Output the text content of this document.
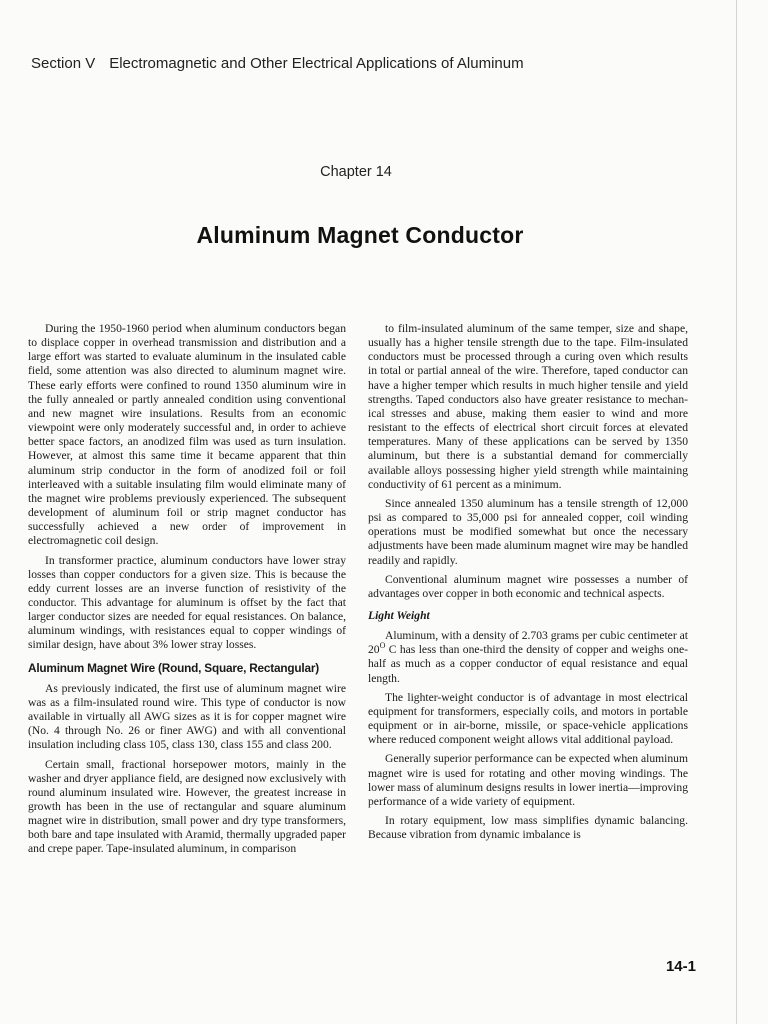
Section V Electromagnetic and Other Electrical Applications of Aluminum
Chapter 14
Aluminum Magnet Conductor

During the 1950-1960 period when aluminum conductors began to displace copper in overhead transmission and distribution and a large effort was started to evaluate aluminum in the insulated cable field, some attention was also directed to aluminum magnet wire. These early efforts were confined to round 1350 aluminum wire in the fully annealed or partly annealed condition using conventional and new magnet wire insulations. Results from an economic viewpoint were only moderately successful and, in order to achieve better space factors, an anodized film was used as turn insulation. However, at almost this same time it became apparent that thin aluminum strip conductor in the form of anodized foil or foil interleaved with a suitable insulating film would eliminate many of the magnet wire problems previously experienced. The subsequent development of aluminum foil or strip magnet conductor has successfully achieved a new order of improvement in electromagnetic coil design.

In transformer practice, aluminum conductors have lower stray losses than copper conductors for a given size. This is because the eddy current losses are an inverse function of resistivity of the conductor. This advantage for aluminum is offset by the fact that larger conductor sizes are needed for equal resistances. On balance, aluminum windings, with resistances equal to copper windings of similar design, have about 3% lower stray losses.

Aluminum Magnet Wire (Round, Square, Rectangular)

As previously indicated, the first use of aluminum magnet wire was as a film-insulated round wire. This type of conductor is now available in virtually all AWG sizes as it is for copper magnet wire (No. 4 through No. 26 or finer AWG) and with all conventional insulation including class 105, class 130, class 155 and class 200.

Certain small, fractional horsepower motors, mainly in the washer and dryer appliance field, are designed now exclusively with round aluminum insulated wire. However, the greatest increase in growth has been in the use of rectangular and square aluminum magnet wire in distribution, small power and dry type transformers, both bare and tape insulated with Aramid, thermally upgraded paper and crepe paper. Tape-insulated aluminum, in comparison

to film-insulated aluminum of the same temper, size and shape, usually has a higher tensile strength due to the tape. Film-insulated conductors must be processed through a curing oven which results in total or partial anneal of the wire. Therefore, taped conductor can have a higher temper which results in much higher tensile and yield strengths. Taped conductors also have greater resistance to mechanical stresses and abuse, making them easier to wind and more resistant to the effects of electrical short circuit forces at elevated temperatures. Many of these applications can be served by 1350 aluminum, but there is a substantial demand for commercially available alloys possessing higher yield strength while maintaining conductivity of 61 percent as a minimum.

Since annealed 1350 aluminum has a tensile strength of 12,000 psi as compared to 35,000 psi for annealed copper, coil winding operations must be modified somewhat but once the necessary adjustments have been made aluminum magnet wire may be handled readily and rapidly.

Conventional aluminum magnet wire possesses a number of advantages over copper in both economic and technical aspects.

Light Weight

Aluminum, with a density of 2.703 grams per cubic centimeter at $20^O$ C has less than one-third the density of copper and weighs one-half as much as a copper conductor of equal resistance and equal length.

The lighter-weight conductor is of advantage in most electrical equipment for transformers, especially coils, and motors in portable equipment or in air-borne, missile, or space-vehicle applications where reduced component weight allows vital additional payload.

Generally superior performance can be expected when aluminum magnet wire is used for rotating and other moving windings. The lower mass of aluminum designs results in lower inertia—improving performance of a wide variety of equipment.

In rotary equipment, low mass simplifies dynamic balancing. Because vibration from dynamic imbalance is

14-1
